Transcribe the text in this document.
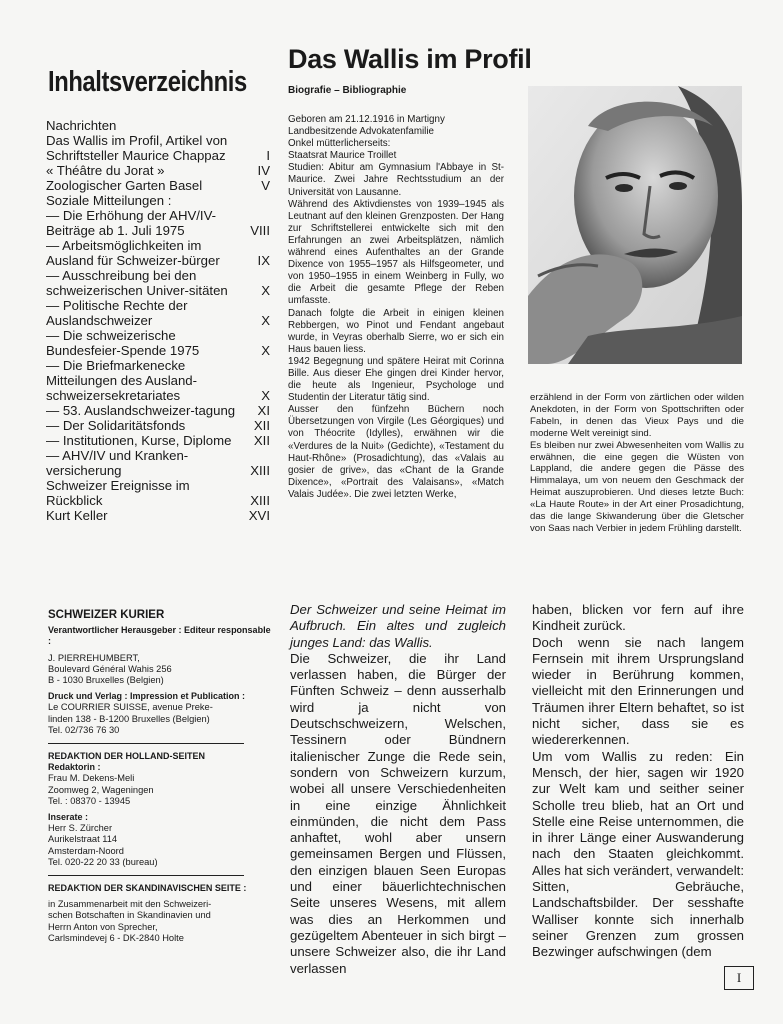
Inhaltsverzeichnis
Nachrichten
Das Wallis im Profil, Artikel von Schriftsteller Maurice Chappaz	I
« Théâtre du Jorat »	IV
Zoologischer Garten Basel	V
Soziale Mitteilungen :
— Die Erhöhung der AHV/IV-Beiträge ab 1. Juli 1975	VIII
— Arbeitsmöglichkeiten im Ausland für Schweizer-bürger	IX
— Ausschreibung bei den schweizerischen Univer-sitäten	X
— Politische Rechte der Auslandschweizer	X
— Die schweizerische Bundesfeier-Spende 1975	X
— Die Briefmarkenecke Mitteilungen des Ausland-schweizersekretariates	X
— 53. Auslandschweizer-tagung	XI
— Der Solidaritätsfonds	XII
— Institutionen, Kurse, Diplome	XII
— AHV/IV und Kranken-versicherung	XIII
Schweizer Ereignisse im Rückblick	XIII
Kurt Keller	XVI
SCHWEIZER KURIER
Verantwortlicher Herausgeber : Editeur responsable :
J. PIERREHUMBERT,
Boulevard Général Wahis 256
B - 1030 Bruxelles (Belgien)
Druck und Verlag : Impression et Publication :
Le COURRIER SUISSE, avenue Preke-
linden 138 - B-1200 Bruxelles (Belgien)
Tel. 02/736 76 30
REDAKTION DER HOLLAND-SEITEN
Redaktorin :
Frau M. Dekens-Meli
Zoomweg 2, Wageningen
Tel. : 08370 - 13945
Inserate :
Herr S. Zürcher
Aurikelstraat 114
Amsterdam-Noord
Tel. 020-22 20 33 (bureau)
REDAKTION DER SKANDINAVISCHEN SEITE :
in Zusammenarbeit mit den Schweizeri-
schen Botschaften in Skandinavien und
Herrn Anton von Sprecher,
Carlsmindevej 6 - DK-2840 Holte
Das Wallis im Profil
Biografie – Bibliographie

Geboren am 21.12.1916 in Martigny

Landbesitzende Advokatenfamilie

Onkel mütterlicherseits:

Staatsrat Maurice Troillet

Studien: Abitur am Gymnasium l'Abbaye in St-Maurice. Zwei Jahre Rechtsstudium an der Universität von Lausanne.

Während des Aktivdienstes von 1939–1945 als Leutnant auf den kleinen Grenzposten. Der Hang zur Schriftstellerei entwickelte sich mit den Erfahrungen an zwei Arbeitsplätzen, nämlich während eines Aufenthaltes an der Grande Dixence von 1955–1957 als Hilfsgeometer, und von 1950–1955 in einem Weinberg in Fully, wo die Arbeit die gesamte Pflege der Reben umfasste.

Danach folgte die Arbeit in einigen kleinen Rebbergen, wo Pinot und Fendant angebaut wurde, in Veyras oberhalb Sierre, wo er sich ein Haus bauen liess.

1942 Begegnung und spätere Heirat mit Corinna Bille. Aus dieser Ehe gingen drei Kinder hervor, die heute als Ingenieur, Psychologe und Studentin der Literatur tätig sind.

Ausser den fünfzehn Büchern noch Übersetzungen von Virgile (Les Géorgiques) und von Théocrite (Idylles), erwähnen wir die «Verdures de la Nuit» (Gedichte), «Testament du Haut-Rhône» (Prosadichtung), das «Valais au gosier de grive», das «Chant de la Grande Dixence», «Portrait des Valaisans», «Match Valais Judée». Die zwei letzten Werke,

erzählend in der Form von zärtlichen oder wilden Anekdoten, in der Form von Spottschriften oder Fabeln, in denen das Vieux Pays und die moderne Welt vereinigt sind.

Es bleiben nur zwei Abwesenheiten vom Wallis zu erwähnen, die eine gegen die Wüsten von Lappland, die andere gegen die Pässe des Himmalaya, um von neuem den Geschmack der Heimat auszuprobieren. Und dieses letzte Buch: «La Haute Route» in der Art einer Prosadichtung, das die lange Skiwanderung über die Gletscher von Saas nach Verbier in jedem Frühling darstellt.

Der Schweizer und seine Heimat im Aufbruch. Ein altes und zugleich junges Land: das Wallis.

Die Schweizer, die ihr Land verlassen haben, die Bürger der Fünften Schweiz – denn ausserhalb wird ja nicht von Deutschschweizern, Welschen, Tessinern oder Bündnern italienischer Zunge die Rede sein, sondern von Schweizern kurzum, wobei all unsere Verschiedenheiten in eine einzige Ähnlichkeit einmünden, die nicht dem Pass anhaftet, wohl aber unsern gemeinsamen Bergen und Flüssen, den einzigen blauen Seen Europas und einer bäuerlichtechnischen Seite unseres Wesens, mit allem was dies an Herkommen und gezügeltem Abenteuer in sich birgt – unsere Schweizer also, die ihr Land verlassen

haben, blicken vor fern auf ihre Kindheit zurück.

Doch wenn sie nach langem Fernsein mit ihrem Ursprungsland wieder in Berührung kommen, vielleicht mit den Erinnerungen und Träumen ihrer Eltern behaftet, so ist nicht sicher, dass sie es wiedererkennen.

Um vom Wallis zu reden: Ein Mensch, der hier, sagen wir 1920 zur Welt kam und seither seiner Scholle treu blieb, hat an Ort und Stelle eine Reise unternommen, die in ihrer Länge einer Auswanderung nach den Staaten gleichkommt. Alles hat sich verändert, verwandelt: Sitten, Gebräuche, Landschaftsbilder. Der sesshafte Walliser konnte sich innerhalb seiner Grenzen zum grossen Bezwinger aufschwingen (dem

I
